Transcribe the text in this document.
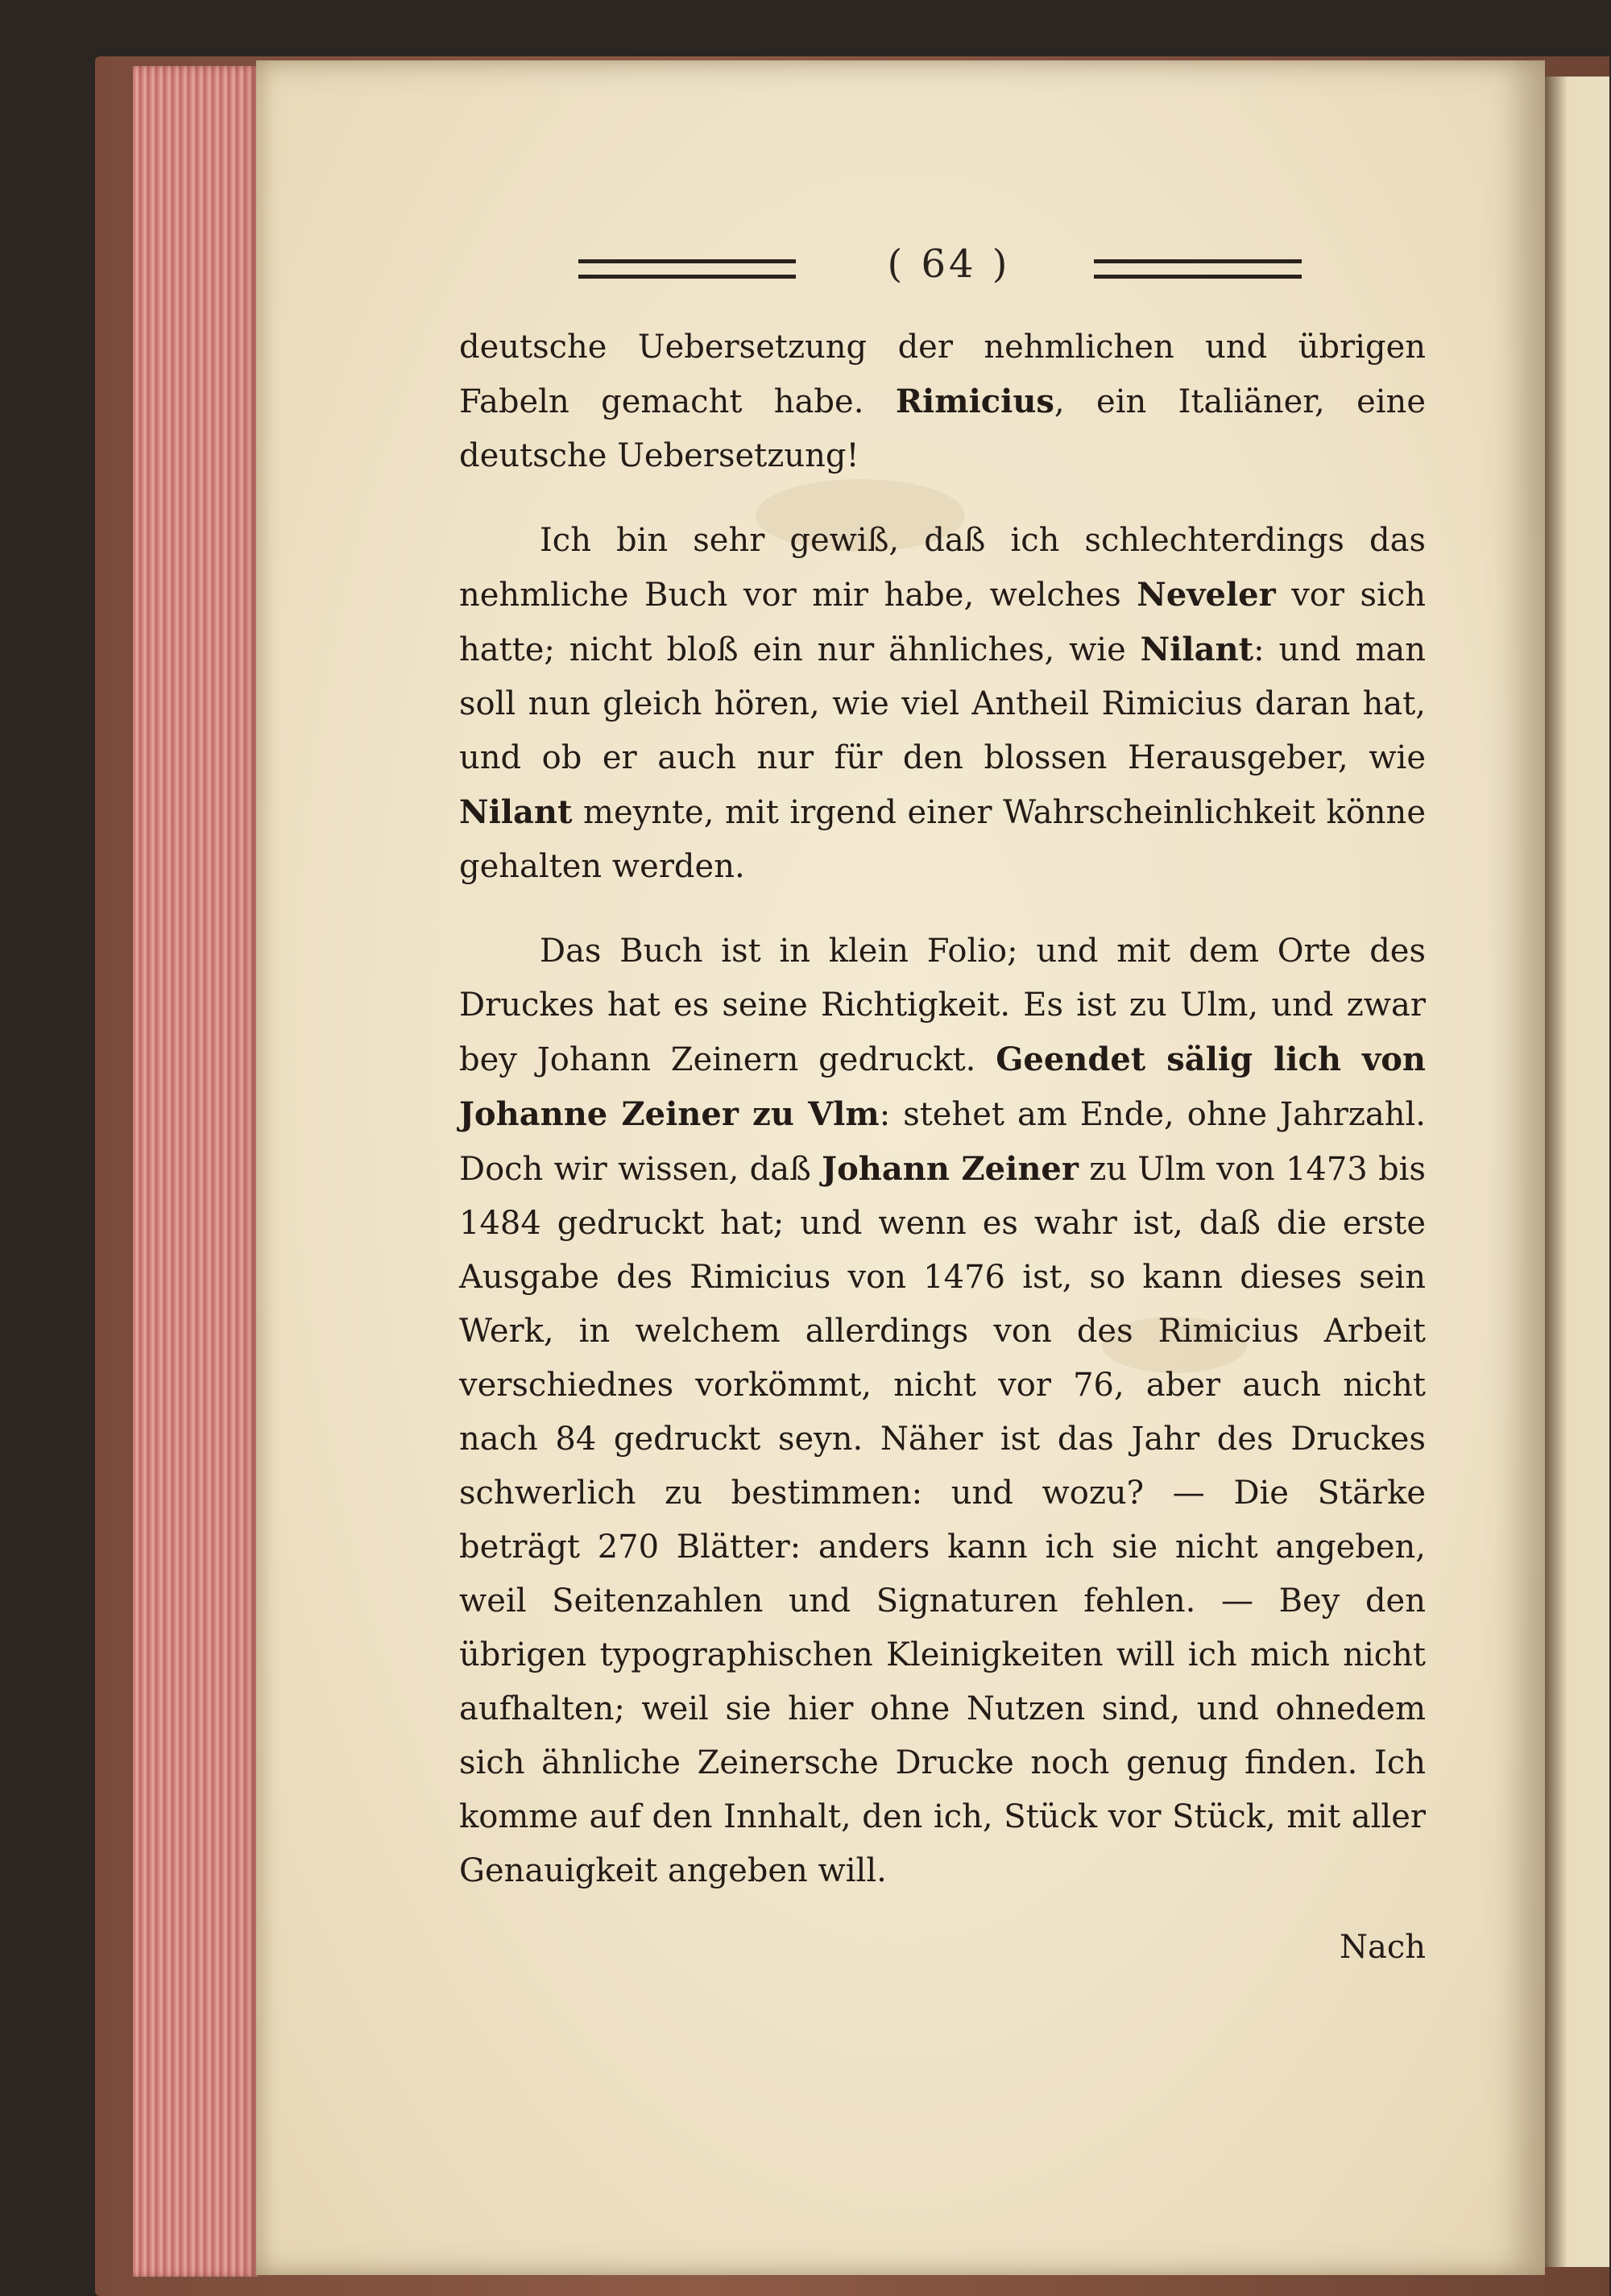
( 64 )

deutsche Uebersetzung der nehmlichen und übrigen Fabeln gemacht habe. Rimicius, ein Italiäner, eine deutsche Uebersetzung!

Ich bin sehr gewiß, daß ich schlechterdings das nehmliche Buch vor mir habe, welches Neveler vor sich hatte; nicht bloß ein nur ähnliches, wie Nilant: und man soll nun gleich hören, wie viel Antheil Rimicius daran hat, und ob er auch nur für den blossen Herausgeber, wie Nilant meynte, mit irgend einer Wahrscheinlichkeit könne gehalten werden.

Das Buch ist in klein Folio; und mit dem Orte des Druckes hat es seine Richtigkeit. Es ist zu Ulm, und zwar bey Johann Zeinern gedruckt. Geendet sälig lich von Johanne Zeiner zu Vlm: stehet am Ende, ohne Jahrzahl. Doch wir wissen, daß Johann Zeiner zu Ulm von 1473 bis 1484 gedruckt hat; und wenn es wahr ist, daß die erste Ausgabe des Rimicius von 1476 ist, so kann dieses sein Werk, in welchem allerdings von des Rimicius Arbeit verschiednes vorkömmt, nicht vor 76, aber auch nicht nach 84 gedruckt seyn. Näher ist das Jahr des Druckes schwerlich zu bestimmen: und wozu? — Die Stärke beträgt 270 Blätter: anders kann ich sie nicht angeben, weil Seitenzahlen und Signaturen fehlen. — Bey den übrigen typographischen Kleinigkeiten will ich mich nicht aufhalten; weil sie hier ohne Nutzen sind, und ohnedem sich ähnliche Zeinersche Drucke noch genug finden. Ich komme auf den Innhalt, den ich, Stück vor Stück, mit aller Genauigkeit angeben will.

Nach
